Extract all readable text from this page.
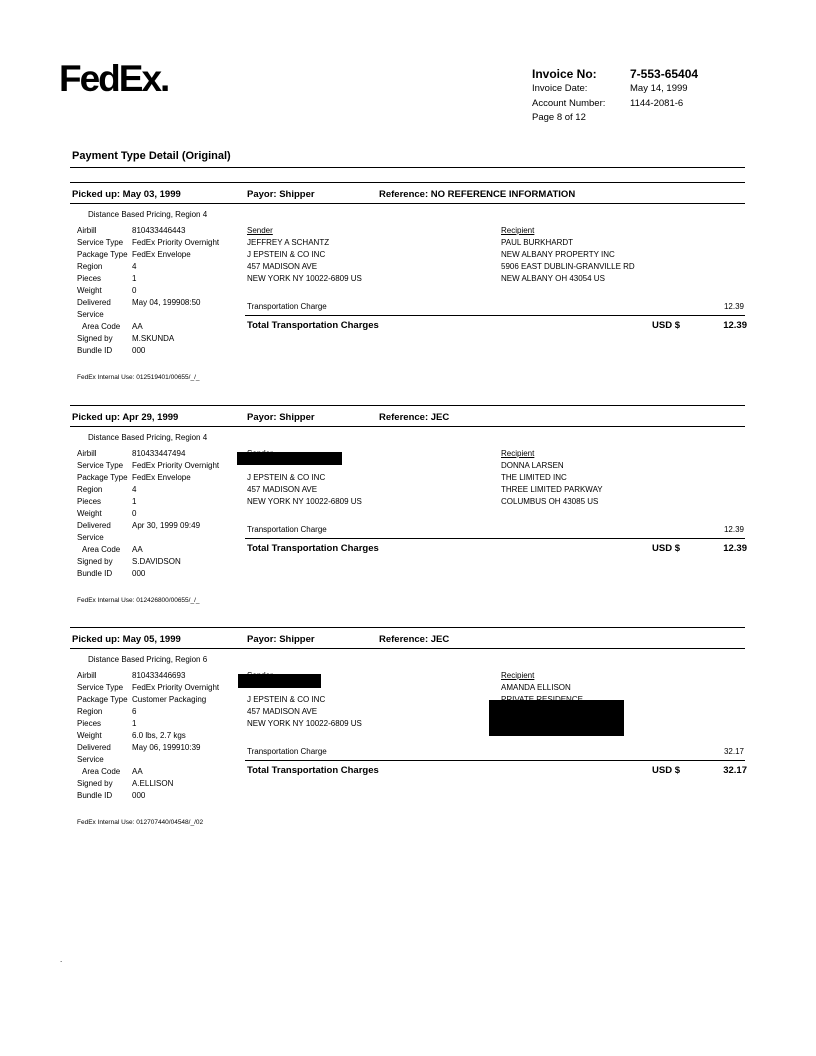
FedEx.	Invoice No:	7-553-65404
Invoice Date:	May 14, 1999
Account Number:	1144-2081-6
Page 8 of 12
Payment Type Detail (Original)
Picked up: May 03, 1999	Payor: Shipper	Reference: NO REFERENCE INFORMATION
Distance Based Pricing, Region 4
Airbill	810433446443
Service Type FedEx Priority Overnight
Package Type FedEx Envelope
Region	4
Pieces	1
Weight	0
Delivered	May 04, 199908:50
Service
Area Code AA
Signed by M.SKUNDA
Bundle ID 000
Sender
JEFFREY A SCHANTZ
J EPSTEIN & CO INC
457 MADISON AVE
NEW YORK NY 10022-6809 US
Recipient
PAUL BURKHARDT
NEW ALBANY PROPERTY INC
5906 EAST DUBLIN-GRANVILLE RD
NEW ALBANY OH 43054 US
Transportation Charge	12.39
Total Transportation Charges	USD $	12.39
FedEx Internal Use: 012519401/00655/_/_
Picked up: Apr 29, 1999	Payor: Shipper	Reference: JEC
Distance Based Pricing, Region 4
Airbill	810433447494
Service Type FedEx Priority Overnight
Package Type FedEx Envelope
Region	4
Pieces	1
Weight	0
Delivered	Apr 30, 1999 09:49
Service
Area Code AA
Signed by S.DAVIDSON
Bundle ID 000
J EPSTEIN & CO INC
457 MADISON AVE
NEW YORK NY 10022-6809 US
Recipient
DONNA LARSEN
THE LIMITED INC
THREE LIMITED PARKWAY
COLUMBUS OH 43085 US
Transportation Charge	12.39
Total Transportation Charges	USD $	12.39
FedEx Internal Use: 012426800/00655/_/_
Picked up: May 05, 1999	Payor: Shipper	Reference: JEC
Distance Based Pricing, Region 6
Airbill	810433446693
Service Type FedEx Priority Overnight
Package Type Customer Packaging
Region	6
Pieces	1
Weight	6.0 lbs, 2.7 kgs
Delivered	May 06, 199910:39
Service
Area Code AA
Signed by A.ELLISON
Bundle ID 000
J EPSTEIN & CO INC
457 MADISON AVE
NEW YORK NY 10022-6809 US
Recipient
AMANDA ELLISON
Transportation Charge	32.17
Total Transportation Charges	USD $	32.17
FedEx Internal Use: 012707440/04548/_/02
.
